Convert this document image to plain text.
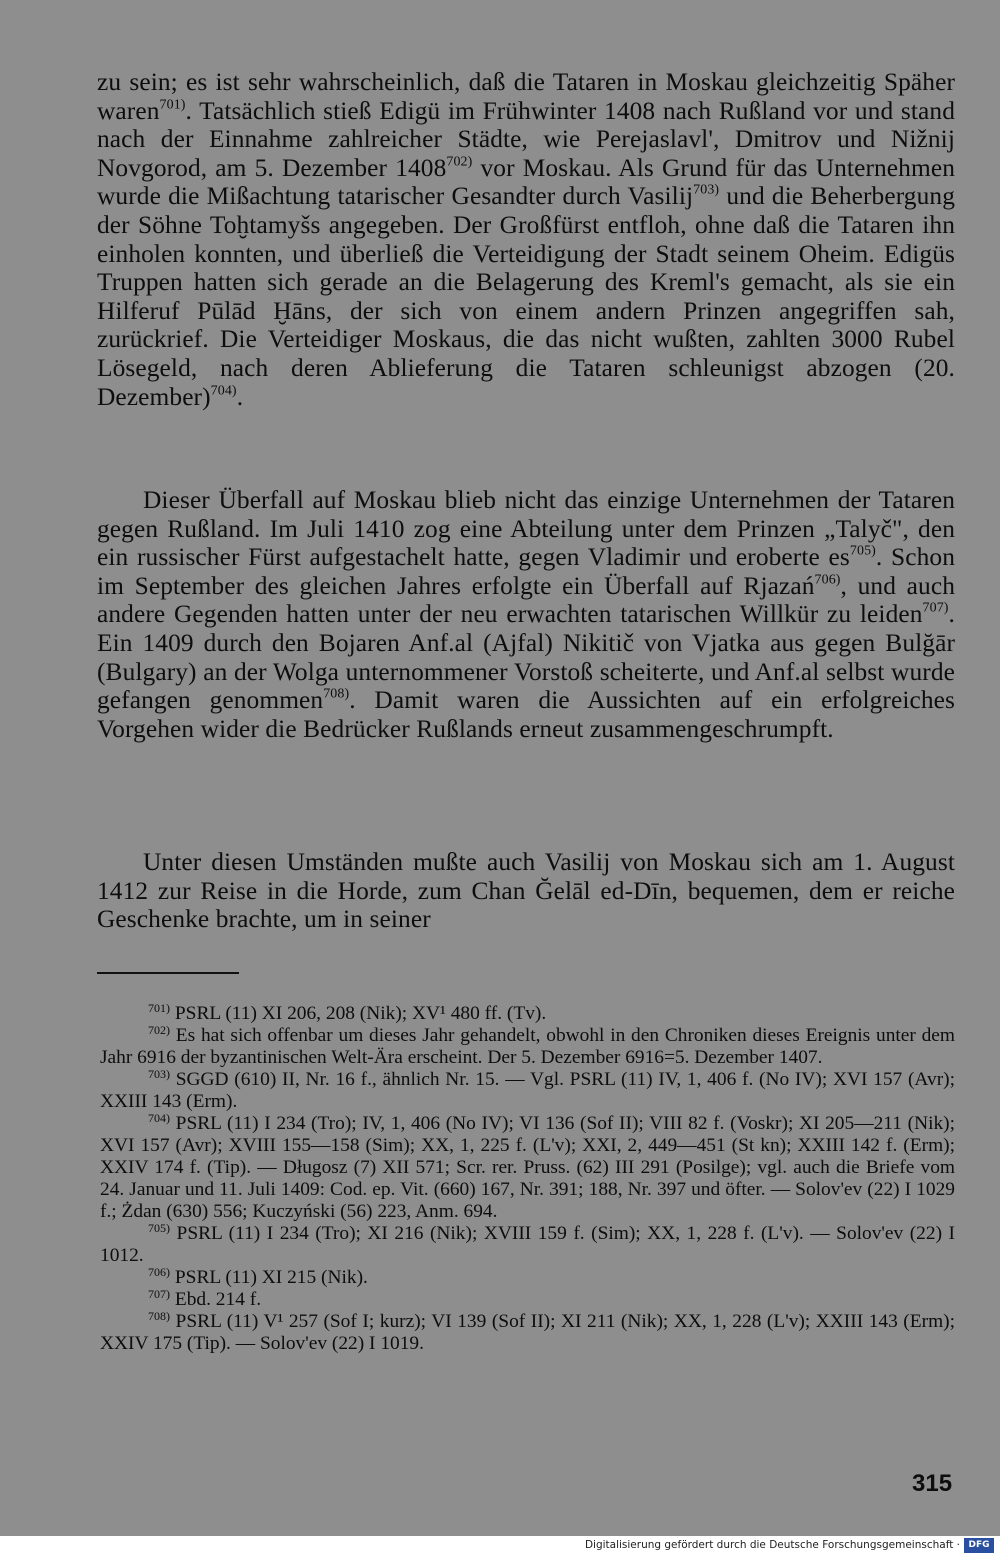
zu sein; es ist sehr wahrscheinlich, daß die Tataren in Moskau gleichzeitig Späher waren$^{701)}$. Tatsächlich stieß Edigü im Frühwinter 1408 nach Rußland vor und stand nach der Einnahme zahlreicher Städte, wie Perejaslavl', Dmitrov und Nižnij Novgorod, am 5. Dezember 1408$^{702)}$ vor Moskau. Als Grund für das Unternehmen wurde die Mißachtung tatarischer Gesandter durch Vasilij$^{703)}$ und die Beherbergung der Söhne Toḫtamyšs angegeben. Der Großfürst entfloh, ohne daß die Tataren ihn einholen konnten, und überließ die Verteidigung der Stadt seinem Oheim. Edigüs Truppen hatten sich gerade an die Belagerung des Kreml's gemacht, als sie ein Hilferuf Pūlād Ḫāns, der sich von einem andern Prinzen angegriffen sah, zurückrief. Die Verteidiger Moskaus, die das nicht wußten, zahlten 3000 Rubel Lösegeld, nach deren Ablieferung die Tataren schleunigst abzogen (20. Dezember)$^{704)}$.

Dieser Überfall auf Moskau blieb nicht das einzige Unternehmen der Tataren gegen Rußland. Im Juli 1410 zog eine Abteilung unter dem Prinzen „Talyč", den ein russischer Fürst aufgestachelt hatte, gegen Vladimir und eroberte $es^{705)}$. Schon im September des gleichen Jahres erfolgte ein Überfall auf Rjazań$^{706)}$, und auch andere Gegenden hatten unter der neu erwachten tatarischen Willkür zu leiden$^{707)}$. Ein 1409 durch den Bojaren Anf.al (Ajfal) Nikitič von Vjatka aus gegen Bulğār (Bulgary) an der Wolga unternommener Vorstoß scheiterte, und Anf.al selbst wurde gefangen genommen$^{708)}$. Damit waren die Aussichten auf ein erfolgreiches Vorgehen wider die Bedrücker Rußlands erneut zusammengeschrumpft.

Unter diesen Umständen mußte auch Vasilij von Moskau sich am 1. August 1412 zur Reise in die Horde, zum Chan Ğelāl ed-Dīn, bequemen, dem er reiche Geschenke brachte, um in seiner

$^{701)}$ PSRL (11) XI 206, 208 (Nik); XV¹ 480 ff. (Tv).

$^{702)}$ Es hat sich offenbar um dieses Jahr gehandelt, obwohl in den Chroniken dieses Ereignis unter dem Jahr 6916 der byzantinischen Welt-Ära erscheint. Der 5. Dezember 6916=5. Dezember 1407.

$^{703)}$ SGGD (610) II, Nr. 16 f., ähnlich Nr. 15. — Vgl. PSRL (11) IV, 1, 406 f. (No IV); XVI 157 (Avr); XXIII 143 (Erm).

$^{704)}$ PSRL (11) I 234 (Tro); IV, 1, 406 (No IV); VI 136 (Sof II); VIII 82 f. (Voskr); XI 205—211 (Nik); XVI 157 (Avr); XVIII 155—158 (Sim); XX, 1, 225 f. (L'v); XXI, 2, 449—451 (St kn); XXIII 142 f. (Erm); XXIV 174 f. (Tip). — Długosz (7) XII 571; Scr. rer. Pruss. (62) III 291 (Posilge); vgl. auch die Briefe vom 24. Januar und 11. Juli 1409: Cod. ep. Vit. (660) 167, Nr. 391; 188, Nr. 397 und öfter. — Solov'ev (22) I 1029 f.; Żdan (630) 556; Kuczyński (56) 223, Anm. 694.

$^{705)}$ PSRL (11) I 234 (Tro); XI 216 (Nik); XVIII 159 f. (Sim); XX, 1, 228 f. (L'v). — Solov'ev (22) I 1012.

$^{706)}$ PSRL (11) XI 215 (Nik).

$^{707)}$ Ebd. 214 f.

$^{708)}$ PSRL (11) V¹ 257 (Sof I; kurz); VI 139 (Sof II); XI 211 (Nik); XX, 1, 228 (L'v); XXIII 143 (Erm); XXIV 175 (Tip). — Solov'ev (22) I 1019.

315
Digitalisierung gefördert durch die Deutsche Forschungsgemeinschaft · DFG
